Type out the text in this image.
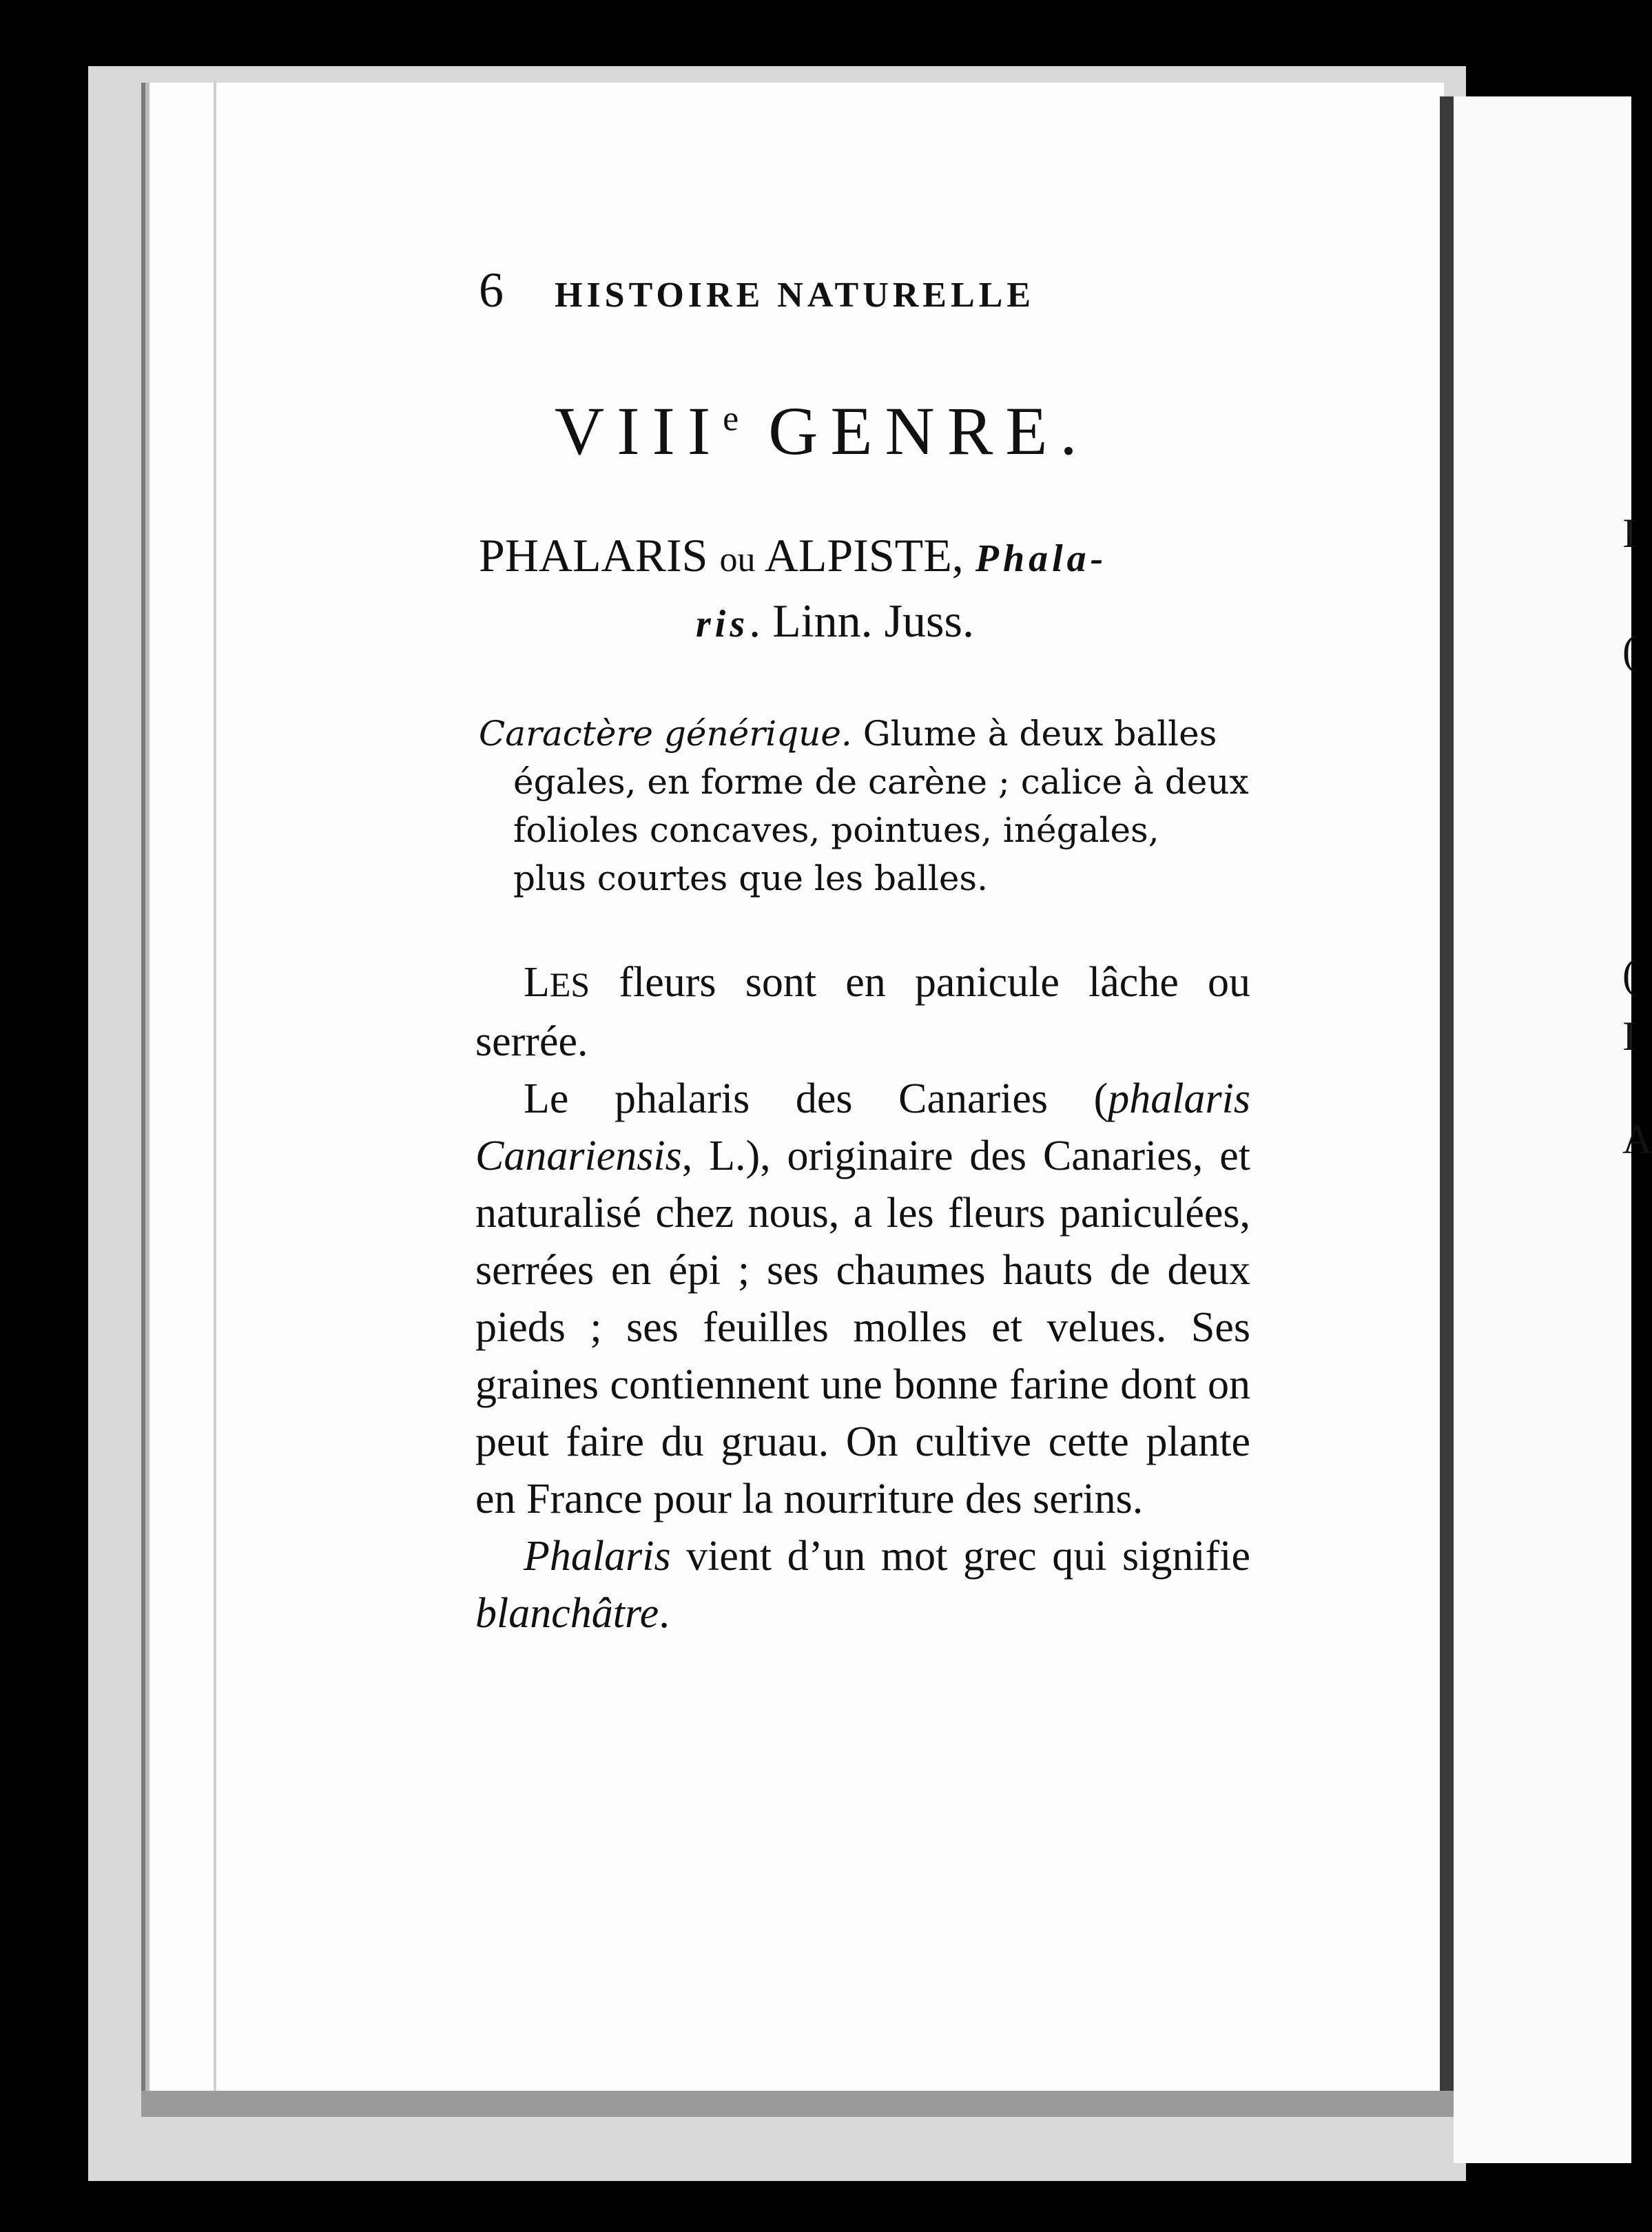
I
(
(
I
A
6 HISTOIRE NATURELLE
VIIIe GENRE.
PHALARIS ou ALPISTE, Phala-
ris. Linn. Juss.
Caractère générique. Glume à deux balles
égales, en forme de carène ; calice à deux
folioles concaves, pointues, inégales,
plus courtes que les balles.

LES fleurs sont en panicule lâche ou serrée.

Le phalaris des Canaries (phalaris Canariensis, L.), originaire des Canaries, et naturalisé chez nous, a les fleurs paniculées, serrées en épi ; ses chaumes hauts de deux pieds ; ses feuilles molles et velues. Ses graines contiennent une bonne farine dont on peut faire du gruau. On cultive cette plante en France pour la nourriture des serins.

Phalaris vient d’un mot grec qui signifie blanchâtre.
